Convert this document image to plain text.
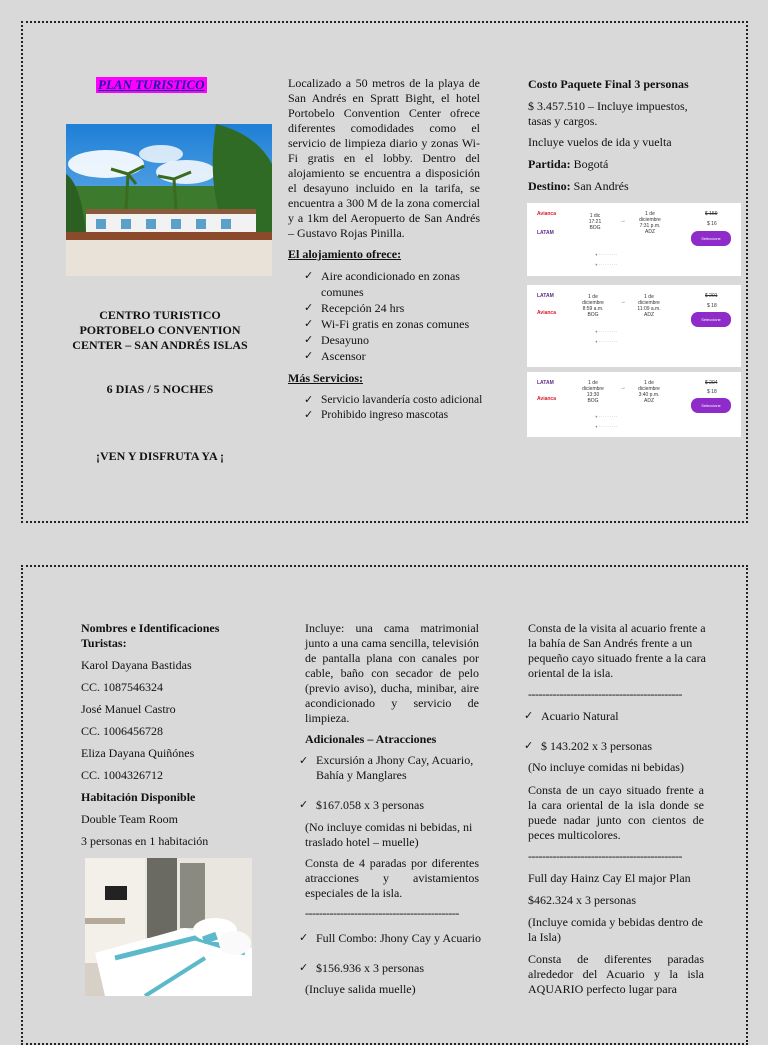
PLAN TURISTICO
CENTRO TURISTICO PORTOBELO CONVENTION CENTER – SAN ANDRÉS ISLAS
6 DIAS / 5 NOCHES
¡VEN Y DISFRUTA YA ¡

Localizado a 50 metros de la playa de San Andrés en Spratt Bight, el hotel Portobelo Convention Center ofrece diferentes comodidades como el servicio de limpieza diario y zonas Wi-Fi gratis en el lobby. Dentro del alojamiento se encuentra a disposición el desayuno incluido en la tarifa, se encuentra a 300 M de la zona comercial y a 1km del Aeropuerto de San Andrés – Gustavo Rojas Pinilla.

El alojamiento ofrece:
✓ Aire acondicionado en zonas comunes
✓ Recepción 24 hrs
✓ Wi-Fi gratis en zonas comunes
✓ Desayuno
✓ Ascensor
Más Servicios:
✓ Servicio lavandería costo adicional
✓ Prohibido ingreso mascotas
Costo Paquete Final 3 personas
$ 3.457.510 – Incluye impuestos, tasas y cargos.
Incluye vuelos de ida y vuelta
Partida: Bogotá
Destino: San Andrés
Avianca
LATAM
1 dic
17:21
BOG
→
1 de diciembre
7:31 p.m.
ADZ
$ 159
$ 16
Seleccione
✈ · · · · · · · · ·
✈ · · · · · · · · ·
LATAM
Avianca
1 de diciembre
8:59 a.m.
BOG
→
1 de diciembre
11:09 a.m.
ADZ
$ 201
$ 18
Seleccione
✈ · · · · · · · · ·
✈ · · · · · · · · ·
LATAM
Avianca
1 de diciembre
13:30
BOG
→
1 de diciembre
3:40 p.m.
ADZ
$ 204
$ 18
Seleccione
✈ · · · · · · · · ·
✈ · · · · · · · · ·
Nombres e Identificaciones Turistas:
Karol Dayana Bastidas
CC. 1087546324
José Manuel Castro
CC. 1006456728
Eliza Dayana Quiñónes
CC. 1004326712
Habitación Disponible
Double Team Room
3 personas en 1 habitación

Incluye: una cama matrimonial junto a una cama sencilla, televisión de pantalla plana con canales por cable, baño con secador de pelo (previo aviso), ducha, minibar, aire acondicionado y servicio de limpieza.

Adicionales – Atracciones
✓ Excursión a Jhony Cay, Acuario, Bahía y Manglares
✓ $167.058 x 3 personas
(No incluye comidas ni bebidas, ni traslado hotel – muelle)
Consta de 4 paradas por diferentes atracciones y avistamientos especiales de la isla.
--------------------------------------------
✓ Full Combo: Jhony Cay y Acuario
✓ $156.936 x 3 personas
(Incluye salida muelle)

Consta de la visita al acuario frente a la bahía de San Andrés frente a un pequeño cayo situado frente a la cara oriental de la isla.

--------------------------------------------
✓ Acuario Natural
✓ $ 143.202 x 3 personas
(No incluye comidas ni bebidas)

Consta de un cayo situado frente a la cara oriental de la isla donde se puede nadar junto con cientos de peces multicolores.

--------------------------------------------
Full day Hainz Cay El major Plan
$462.324 x 3 personas
(Incluye comida y bebidas dentro de la Isla)

Consta de diferentes paradas alrededor del Acuario y la isla AQUARIO perfecto lugar para
